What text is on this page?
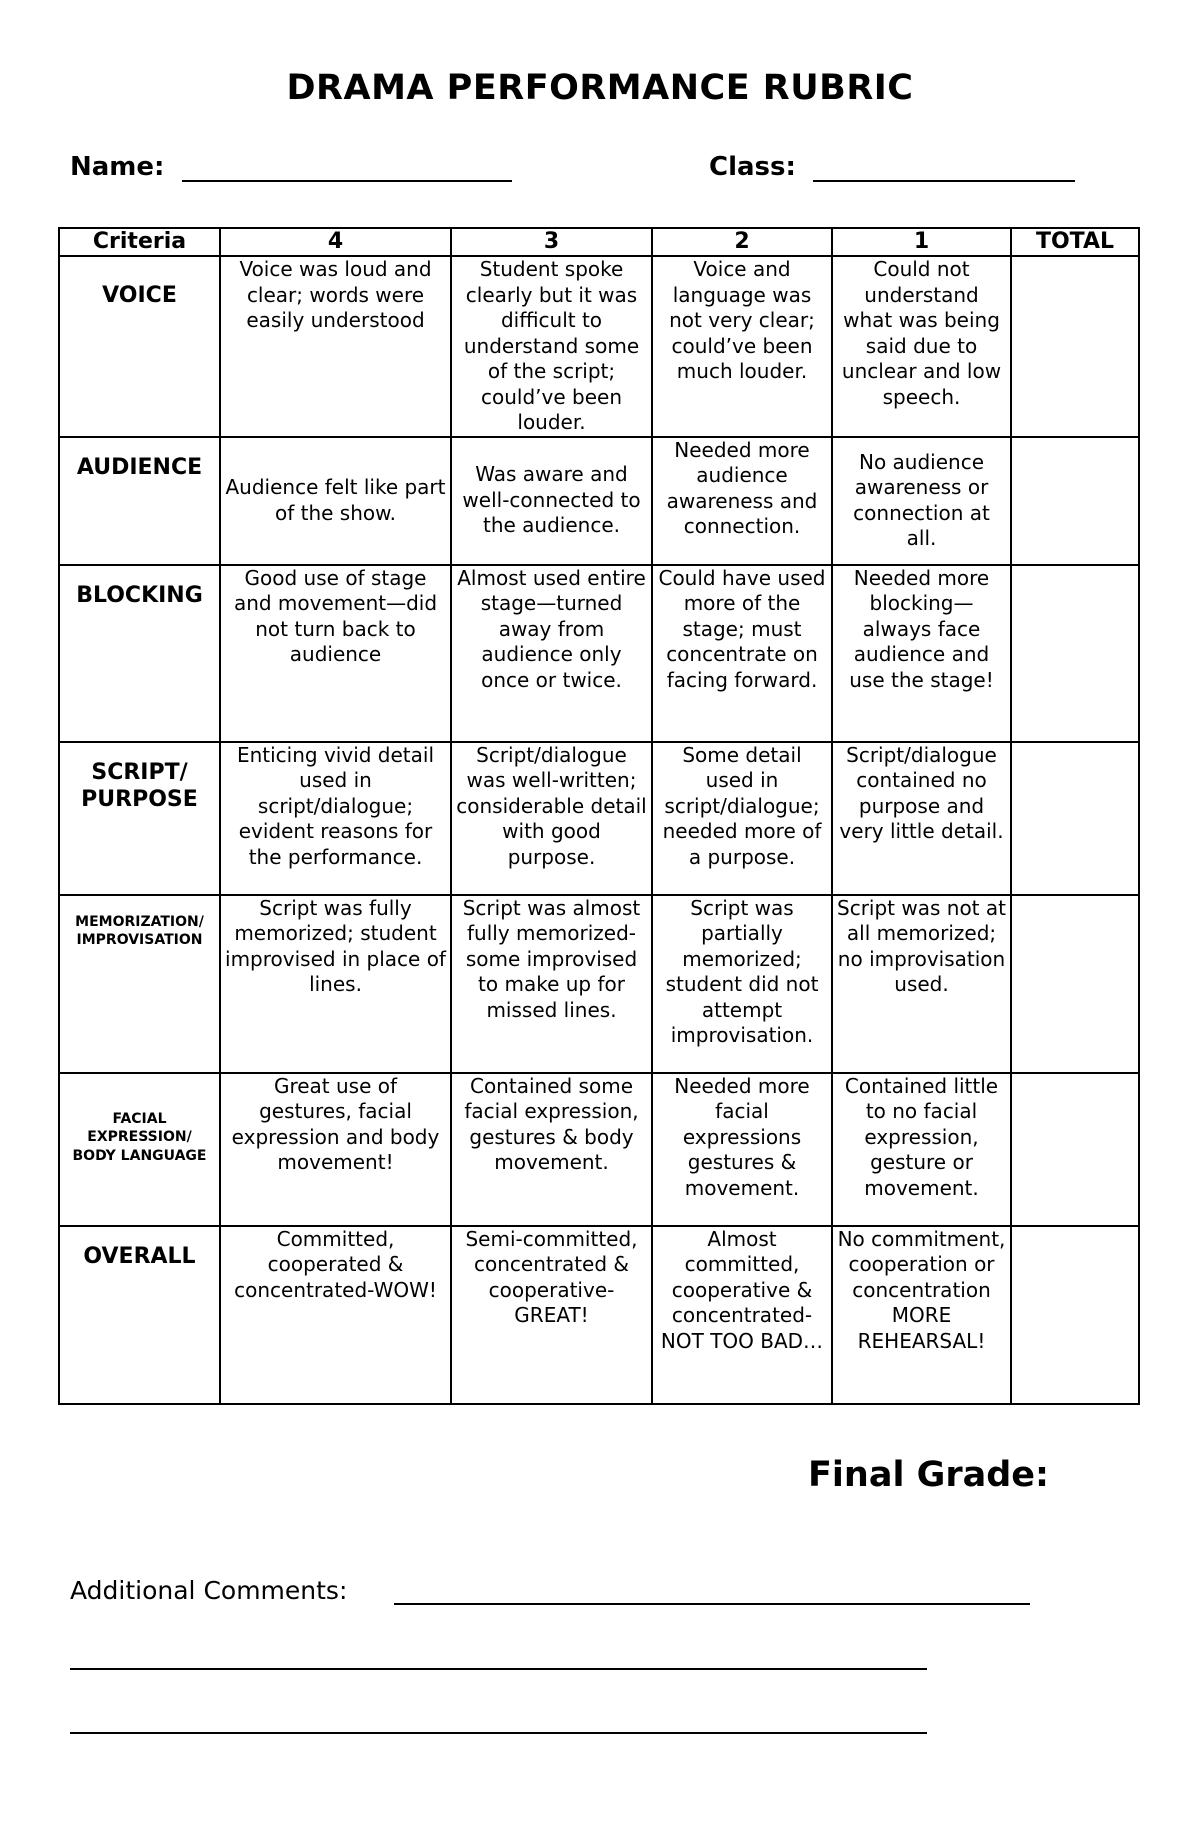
DRAMA PERFORMANCE RUBRIC
Name:	Class:
Criteria	4	3	2	1	TOTAL
VOICE	Voice was loud and clear; words were easily understood	Student spoke clearly but it was difficult to understand some of the script; could’ve been louder.	Voice and language was not very clear; could’ve been much louder.	Could not understand what was being said due to unclear and low speech.	
AUDIENCE	Audience felt like part of the show.	Was aware and well-connected to the audience.	Needed more audience awareness and connection.	No audience awareness or connection at all.	
BLOCKING	Good use of stage and movement—did not turn back to audience	Almost used entire stage—turned away from audience only once or twice.	Could have used more of the stage; must concentrate on facing forward.	Needed more blocking—always face audience and use the stage!	
SCRIPT/ PURPOSE	Enticing vivid detail used in script/dialogue; evident reasons for the performance.	Script/dialogue was well-written; considerable detail with good purpose.	Some detail used in script/dialogue; needed more of a purpose.	Script/dialogue contained no purpose and very little detail.	
MEMORIZATION/ IMPROVISATION	Script was fully memorized; student improvised in place of lines.	Script was almost fully memorized-some improvised to make up for missed lines.	Script was partially memorized; student did not attempt improvisation.	Script was not at all memorized; no improvisation used.	
FACIAL EXPRESSION/ BODY LANGUAGE	Great use of gestures, facial expression and body movement!	Contained some facial expression, gestures & body movement.	Needed more facial expressions gestures & movement.	Contained little to no facial expression, gesture or movement.	
OVERALL	Committed, cooperated & concentrated-WOW!	Semi-committed, concentrated & cooperative-GREAT!	Almost committed, cooperative & concentrated-NOT TOO BAD…	No commitment, cooperation or concentration MORE REHEARSAL!	
Final Grade:
Additional Comments:
